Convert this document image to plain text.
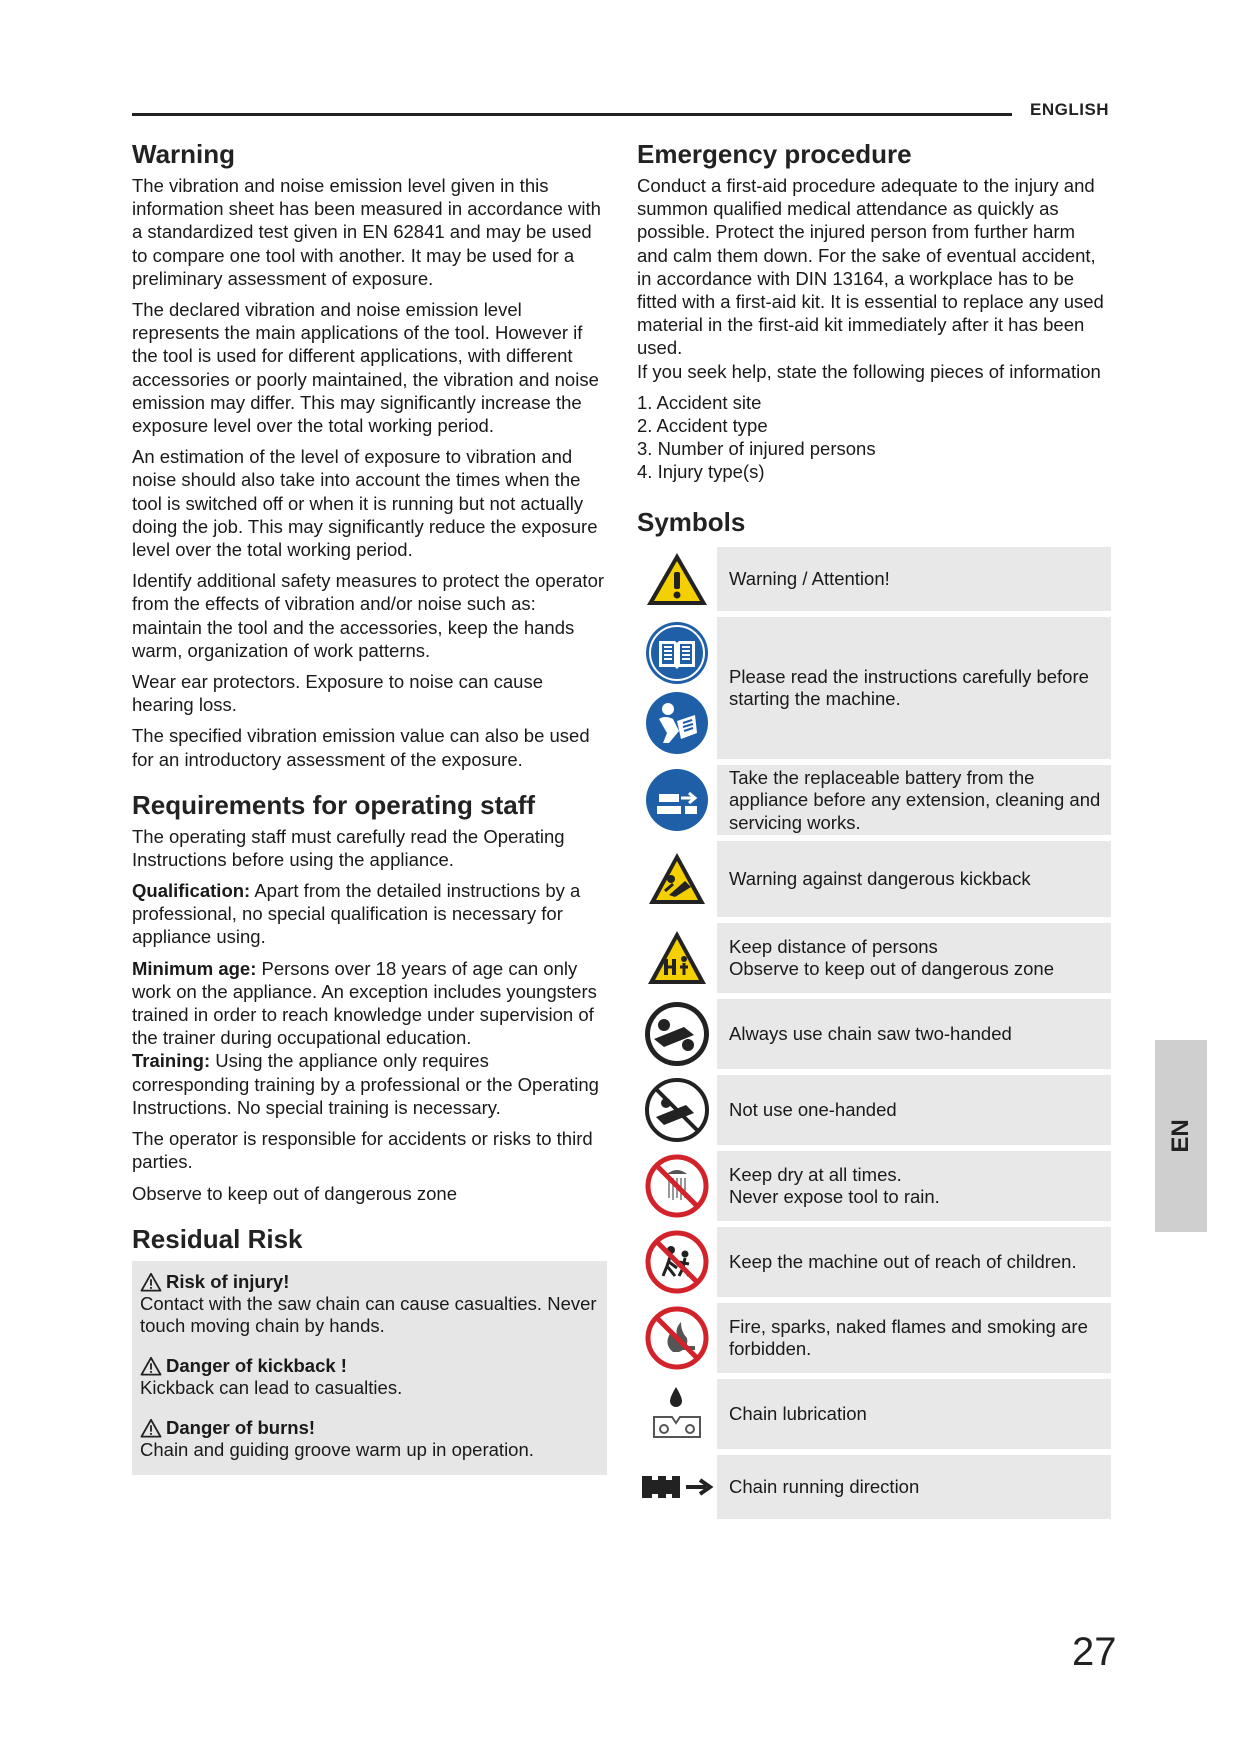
ENGLISH
Warning

The vibration and noise emission level given in this information sheet has been measured in accordance with a standardized test given in EN 62841 and may be used to compare one tool with another. It may be used for a preliminary assessment of exposure.

The declared vibration and noise emission level represents the main applications of the tool. However if the tool is used for different applications, with different accessories or poorly maintained, the vibration and noise emission may differ. This may significantly increase the exposure level over the total working period.

An estimation of the level of exposure to vibration and noise should also take into account the times when the tool is switched off or when it is running but not actually doing the job. This may significantly reduce the exposure level over the total working period.

Identify additional safety measures to protect the operator from the effects of vibration and/or noise such as: maintain the tool and the accessories, keep the hands warm, organization of work patterns.

Wear ear protectors. Exposure to noise can cause hearing loss.

The specified vibration emission value can also be used for an introductory assessment of the exposure.

Requirements for operating staff

The operating staff must carefully read the Operating Instructions before using the appliance.

Qualification: Apart from the detailed instructions by a professional, no special qualification is necessary for appliance using.

Minimum age: Persons over 18 years of age can only work on the appliance. An exception includes youngsters trained in order to reach knowledge under supervision of the trainer during occupational education.

Training: Using the appliance only requires corresponding training by a professional or the Operating Instructions. No special training is necessary.

The operator is responsible for accidents or risks to third parties.

Observe to keep out of dangerous zone

Residual Risk
Risk of injury!

Contact with the saw chain can cause casualties. Never touch moving chain by hands.

Danger of kickback !

Kickback can lead to casualties.

Danger of burns!

Chain and guiding groove warm up in operation.

Emergency procedure

Conduct a first-aid procedure adequate to the injury and summon qualified medical attendance as quickly as possible. Protect the injured person from further harm and calm them down. For the sake of eventual accident, in accordance with DIN 13164, a workplace has to be fitted with a first-aid kit. It is essential to replace any used material in the first-aid kit immediately after it has been used.

If you seek help, state the following pieces of information

1. Accident site

2. Accident type

3. Number of injured persons

4. Injury type(s)

Symbols
Warning / Attention!
Please read the instructions carefully before starting the machine.
Take the replaceable battery from the appliance before any extension, cleaning and servicing works.
Warning against dangerous kickback
Keep distance of persons
Observe to keep out of dangerous zone
Always use chain saw two-handed
Not use one-handed
Keep dry at all times.
Never expose tool to rain.
Keep the machine out of reach of children.
Fire, sparks, naked flames and smoking are forbidden.
Chain lubrication
Chain running direction
EN
27
